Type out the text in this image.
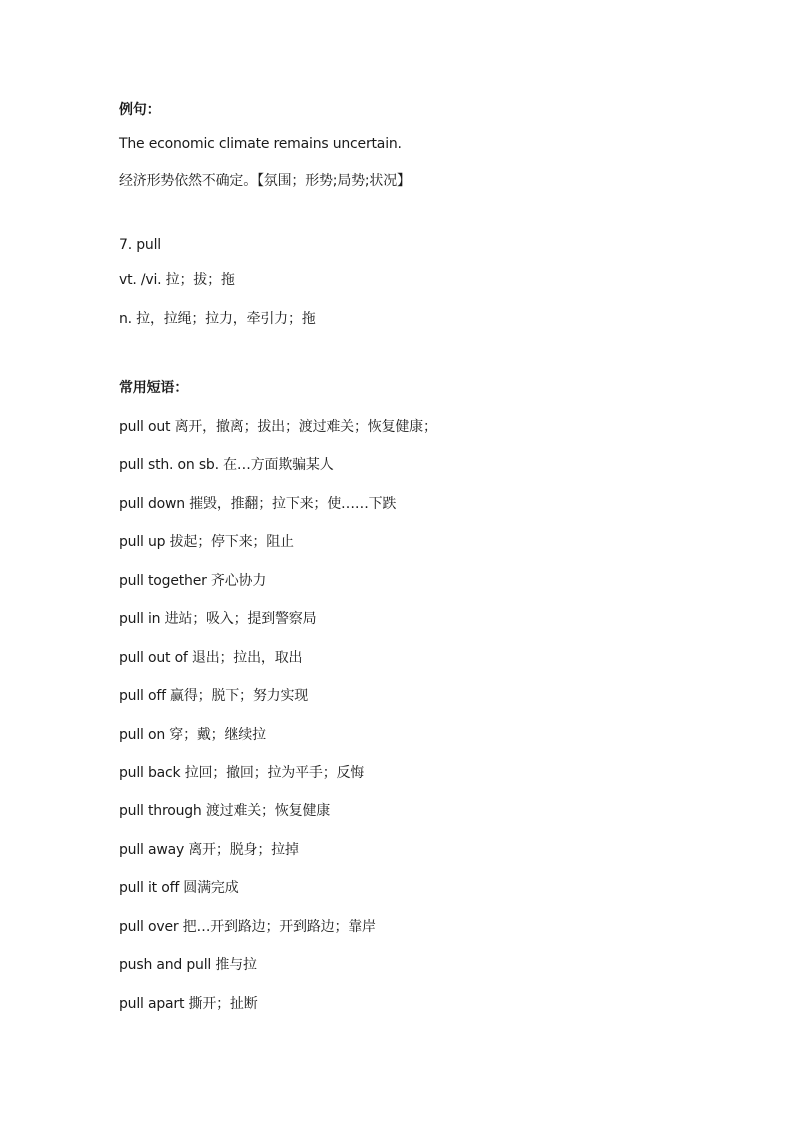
例句：
The economic climate remains uncertain.
经济形势依然不确定。【氛围；形势;局势;状况】
7. pull
vt. /vi. 拉；拔；拖
n. 拉，拉绳；拉力，牵引力；拖
常用短语：
pull out 离开，撤离；拔出；渡过难关；恢复健康；
pull sth. on sb. 在…方面欺骗某人
pull down 摧毁，推翻；拉下来；使……下跌
pull up 拔起；停下来；阻止
pull together 齐心协力
pull in 进站；吸入；提到警察局
pull out of 退出；拉出，取出
pull off 赢得；脱下；努力实现
pull on 穿；戴；继续拉
pull back 拉回；撤回；拉为平手；反悔
pull through 渡过难关；恢复健康
pull away 离开；脱身；拉掉
pull it off 圆满完成
pull over 把…开到路边；开到路边；靠岸
push and pull 推与拉
pull apart 撕开；扯断
